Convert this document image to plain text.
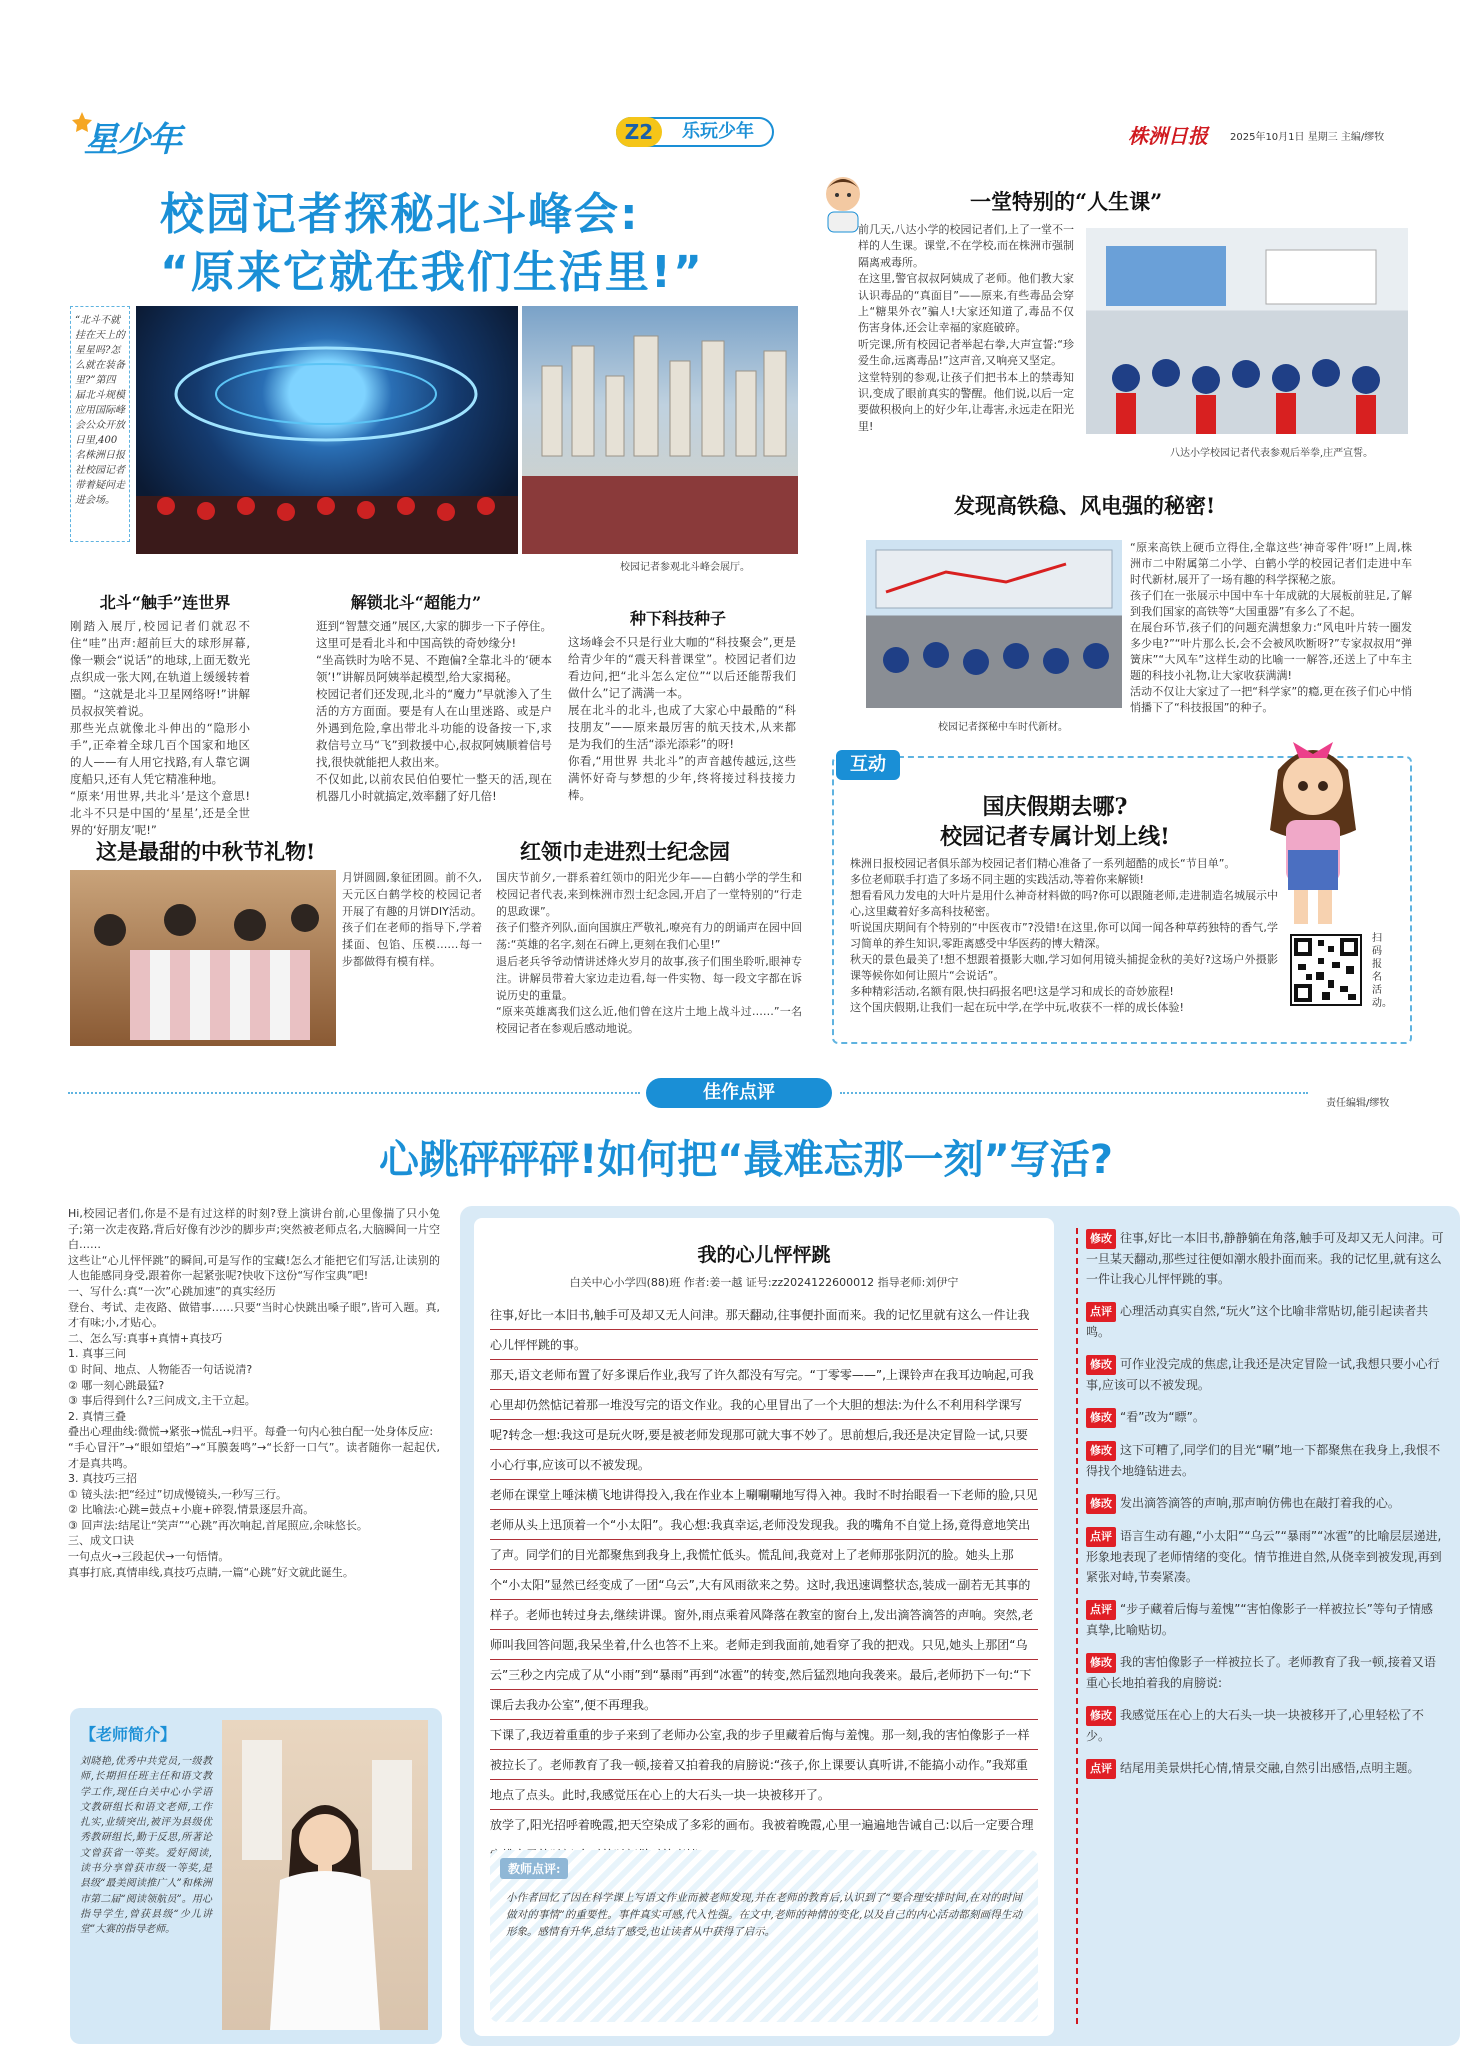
星少年	Z2	乐玩少年	株洲日报 2025年10月1日 星期三 主编/缪牧
校园记者探秘北斗峰会:
“原来它就在我们生活里!”
“北斗不就挂在天上的星星吗?怎么就在装备里?”第四届北斗规模应用国际峰会公众开放日里,400名株洲日报社校园记者带着疑问走进会场。
校园记者参观北斗峰会展厅。
北斗“触手”连世界
刚踏入展厅,校园记者们就忍不住“哇”出声:超前巨大的球形屏幕,像一颗会“说话”的地球,上面无数光点织成一张大网,在轨道上缓缓转着圈。“这就是北斗卫星网络呀!”讲解员叔叔笑着说。
那些光点就像北斗伸出的“隐形小手”,正牵着全球几百个国家和地区的人——有人用它找路,有人靠它调度船只,还有人凭它精准种地。
“原来‘用世界,共北斗’是这个意思!北斗不只是中国的‘星星’,还是全世界的‘好朋友’呢!”
解锁北斗“超能力”
逛到“智慧交通”展区,大家的脚步一下子停住。这里可是看北斗和中国高铁的奇妙缘分!
“坐高铁时为啥不晃、不跑偏?全靠北斗的‘硬本领’!”讲解员阿姨举起模型,给大家揭秘。
校园记者们还发现,北斗的“魔力”早就渗入了生活的方方面面。要是有人在山里迷路、或是户外遇到危险,拿出带北斗功能的设备按一下,求救信号立马“飞”到救援中心,叔叔阿姨顺着信号找,很快就能把人救出来。
不仅如此,以前农民伯伯要忙一整天的活,现在机器几小时就搞定,效率翻了好几倍!
种下科技种子
这场峰会不只是行业大咖的“科技聚会”,更是给青少年的“震天科普课堂”。校园记者们边看边问,把“北斗怎么定位”“以后还能帮我们做什么”记了满满一本。
展在北斗的北斗,也成了大家心中最酷的“科技朋友”——原来最厉害的航天技术,从来都是为我们的生活“添光添彩”的呀!
你看,“用世界 共北斗”的声音越传越远,这些满怀好奇与梦想的少年,终将接过科技接力棒。
一堂特别的“人生课”
前几天,八达小学的校园记者们,上了一堂不一样的人生课。课堂,不在学校,而在株洲市强制隔离戒毒所。
在这里,警官叔叔阿姨成了老师。他们教大家认识毒品的“真面目”——原来,有些毒品会穿上“糖果外衣”骗人!大家还知道了,毒品不仅伤害身体,还会让幸福的家庭破碎。
听完课,所有校园记者举起右拳,大声宣誓:“珍爱生命,远离毒品!”这声音,又响亮又坚定。
这堂特别的参观,让孩子们把书本上的禁毒知识,变成了眼前真实的警醒。他们说,以后一定要做积极向上的好少年,让毒害,永远走在阳光里!
八达小学校园记者代表参观后举拳,庄严宣誓。
发现高铁稳、风电强的秘密!
校园记者探秘中车时代新材。
“原来高铁上硬币立得住,全靠这些‘神奇零件’呀!”上周,株洲市二中附属第二小学、白鹤小学的校园记者们走进中车时代新材,展开了一场有趣的科学探秘之旅。
孩子们在一张展示中国中车十年成就的大展板前驻足,了解到我们国家的高铁等“大国重器”有多么了不起。
在展台环节,孩子们的问题充满想象力:“风电叶片转一圈发多少电?”“叶片那么长,会不会被风吹断呀?”专家叔叔用“弹簧床”“大风车”这样生动的比喻一一解答,还送上了中车主题的科技小礼物,让大家收获满满!
活动不仅让大家过了一把“科学家”的瘾,更在孩子们心中悄悄播下了“科技报国”的种子。
这是最甜的中秋节礼物!
月饼圆圆,象征团圆。前不久,天元区白鹤学校的校园记者开展了有趣的月饼DIY活动。孩子们在老师的指导下,学着揉面、包馅、压模……每一步都做得有模有样。
红领巾走进烈士纪念园
国庆节前夕,一群系着红领巾的阳光少年——白鹤小学的学生和校园记者代表,来到株洲市烈士纪念园,开启了一堂特别的“行走的思政课”。
孩子们整齐列队,面向国旗庄严敬礼,嘹亮有力的朗诵声在园中回荡:“英雄的名字,刻在石碑上,更刻在我们心里!”
退后老兵爷爷动情讲述烽火岁月的故事,孩子们围坐聆听,眼神专注。讲解员带着大家边走边看,每一件实物、每一段文字都在诉说历史的重量。
“原来英雄离我们这么近,他们曾在这片土地上战斗过……”一名校园记者在参观后感动地说。
互动
国庆假期去哪?
校园记者专属计划上线!
株洲日报校园记者俱乐部为校园记者们精心准备了一系列超酷的成长“节目单”。
多位老师联手打造了多场不同主题的实践活动,等着你来解锁!
想看看风力发电的大叶片是用什么神奇材料做的吗?你可以跟随老师,走进制造名城展示中心,这里藏着好多高科技秘密。
听说国庆期间有个特别的“中医夜市”?没错!在这里,你可以闻一闻各种草药独特的香气,学习简单的养生知识,零距离感受中华医药的博大精深。
秋天的景色最美了!想不想跟着摄影大咖,学习如何用镜头捕捉金秋的美好?这场户外摄影课等候你如何让照片“会说话”。
多种精彩活动,名额有限,快扫码报名吧!这是学习和成长的奇妙旅程!
这个国庆假期,让我们一起在玩中学,在学中玩,收获不一样的成长体验!
扫码报名活动。
责任编辑/缪牧
佳作点评
心跳砰砰砰!如何把“最难忘那一刻”写活?
Hi,校园记者们,你是不是有过这样的时刻?登上演讲台前,心里像揣了只小兔子;第一次走夜路,背后好像有沙沙的脚步声;突然被老师点名,大脑瞬间一片空白……
这些让“心儿怦怦跳”的瞬间,可是写作的宝藏!怎么才能把它们写活,让读别的人也能感同身受,跟着你一起紧张呢?快收下这份“写作宝典”吧!
一、写什么:真“一次”心跳加速”的真实经历
登台、考试、走夜路、做错事……只要“当时心快跳出嗓子眼”,皆可入题。真,才有味;小,才贴心。
二、怎么写:真事+真情+真技巧
1. 真事三问
① 时间、地点、人物能否一句话说清?
② 哪一刻心跳最猛?
③ 事后得到什么?三问成文,主干立起。
2. 真情三叠
叠出心理曲线:微慌→紧张→慌乱→归平。每叠一句内心独白配一处身体反应:
“手心冒汗”→“眼如望焰”→“耳膜轰鸣”→“长舒一口气”。读者随你一起起伏,才是真共鸣。
3. 真技巧三招
① 镜头法:把“经过”切成慢镜头,一秒写三行。
② 比喻法:心跳=鼓点+小鹿+碎裂,情景逐层升高。
③ 回声法:结尾让“笑声”“心跳”再次响起,首尾照应,余味悠长。
三、成文口诀
一句点火→三段起伏→一句悟情。
真事打底,真情串线,真技巧点睛,一篇“心跳”好文就此诞生。
【老师简介】
刘晓艳,优秀中共党员,一级教师,长期担任班主任和语文教学工作,现任白关中心小学语文教研组长和语文老师,工作扎实,业绩突出,被评为县级优秀教研组长,勤于反思,所著论文曾获省一等奖。爱好阅读,读书分享曾获市级一等奖,是县级“最美阅读推广人”和株洲市第二届“阅读领航员”。用心指导学生,曾获县级“少儿讲堂”大赛的指导老师。
我的心儿怦怦跳
白关中心小学四(88)班 作者:姜一越 证号:zz2024122600012 指导老师:刘伊宁
往事,好比一本旧书,触手可及却又无人问津。那天翻动,往事便扑面而来。我的记忆里就有这么一件让我心儿怦怦跳的事。
那天,语文老师布置了好多课后作业,我写了许久都没有写完。“丁零零——”,上课铃声在我耳边响起,可我心里却仍然惦记着那一堆没写完的语文作业。我的心里冒出了一个大胆的想法:为什么不利用科学课写呢?转念一想:我这可是玩火呀,要是被老师发现那可就大事不妙了。思前想后,我还是决定冒险一试,只要小心行事,应该可以不被发现。
老师在课堂上唾沫横飞地讲得投入,我在作业本上唰唰唰地写得入神。我时不时抬眼看一下老师的脸,只见老师从头上迅顶着一个“小太阳”。我心想:我真幸运,老师没发现我。我的嘴角不自觉上扬,竟得意地笑出了声。同学们的目光都聚焦到我身上,我慌忙低头。慌乱间,我竟对上了老师那张阴沉的脸。她头上那个“小太阳”显然已经变成了一团“乌云”,大有风雨欲来之势。这时,我迅速调整状态,装成一副若无其事的样子。老师也转过身去,继续讲课。窗外,雨点乘着风降落在教室的窗台上,发出滴答滴答的声响。突然,老师叫我回答问题,我呆坐着,什么也答不上来。老师走到我面前,她看穿了我的把戏。只见,她头上那团“乌云”三秒之内完成了从“小雨”到“暴雨”再到“冰雹”的转变,然后猛烈地向我袭来。最后,老师扔下一句:“下课后去我办公室”,便不再理我。
下课了,我迈着重重的步子来到了老师办公室,我的步子里藏着后悔与羞愧。那一刻,我的害怕像影子一样被拉长了。老师教育了我一顿,接着又拍着我的肩膀说:“孩子,你上课要认真听讲,不能搞小动作。”我郑重地点了点头。此时,我感觉压在心上的大石头一块一块被移开了。
放学了,阳光招呼着晚霞,把天空染成了多彩的画布。我被着晚霞,心里一遍遍地告诫自己:以后一定要合理
教师点评:
小作者回忆了因在科学课上写语文作业而被老师发现,并在老师的教育后,认识到了“要合理安排时间,在对的时间做对的事情”的重要性。事件真实可感,代入性强。在文中,老师的神情的变化,以及自己的内心活动都刻画得生动形象。感情有升华,总结了感受,也让读者从中获得了启示。
修改 往事,好比一本旧书,静静躺在角落,触手可及却又无人问津。可一旦某天翻动,那些过往便如潮水般扑面而来。我的记忆里,就有这么一件让我心儿怦怦跳的事。
点评 心理活动真实自然,“玩火”这个比喻非常贴切,能引起读者共鸣。
修改 可作业没完成的焦虑,让我还是决定冒险一试,我想只要小心行事,应该可以不被发现。
修改 “看”改为“瞟”。
修改 这下可糟了,同学们的目光“唰”地一下都聚焦在我身上,我恨不得找个地缝钻进去。
修改 发出滴答滴答的声响,那声响仿佛也在敲打着我的心。
点评 语言生动有趣,“小太阳”“乌云”“暴雨”“冰雹”的比喻层层递进,形象地表现了老师情绪的变化。情节推进自然,从侥幸到被发现,再到紧张对峙,节奏紧凑。
点评 “步子藏着后悔与羞愧”“害怕像影子一样被拉长”等句子情感真挚,比喻贴切。
修改 我的害怕像影子一样被拉长了。老师教育了我一顿,接着又语重心长地拍着我的肩膀说:
修改 我感觉压在心上的大石头一块一块被移开了,心里轻松了不少。
点评 结尾用美景烘托心情,情景交融,自然引出感悟,点明主题。
